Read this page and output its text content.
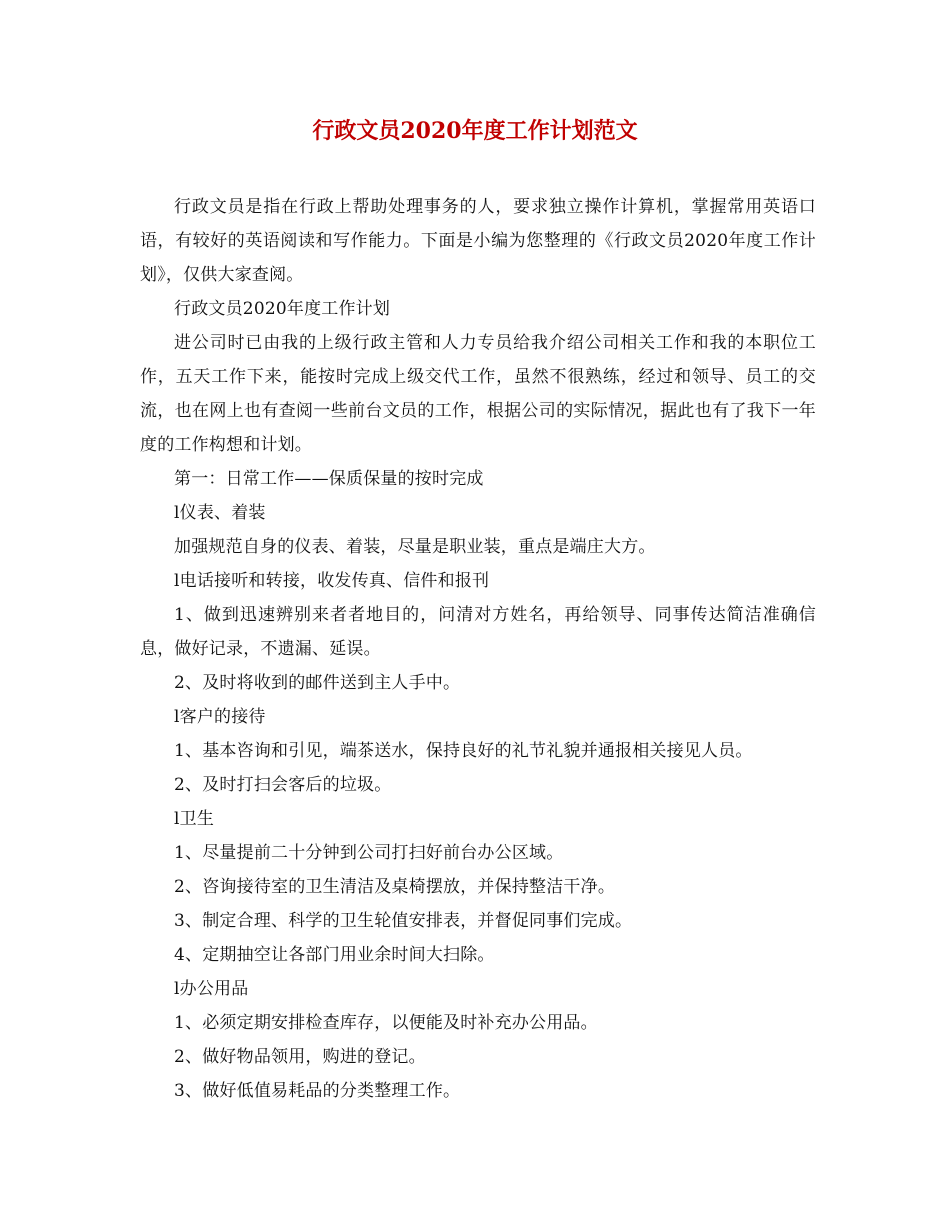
行政文员2020年度工作计划范文

行政文员是指在行政上帮助处理事务的人，要求独立操作计算机，掌握常用英语口语，有较好的英语阅读和写作能力。下面是小编为您整理的《行政文员2020年度工作计划》，仅供大家查阅。

行政文员2020年度工作计划

进公司时已由我的上级行政主管和人力专员给我介绍公司相关工作和我的本职位工作，五天工作下来，能按时完成上级交代工作，虽然不很熟练，经过和领导、员工的交流，也在网上也有查阅一些前台文员的工作，根据公司的实际情况，据此也有了我下一年度的工作构想和计划。

第一：日常工作——保质保量的按时完成

l仪表、着装

加强规范自身的仪表、着装，尽量是职业装，重点是端庄大方。

l电话接听和转接，收发传真、信件和报刊

1、做到迅速辨别来者者地目的，问清对方姓名，再给领导、同事传达简洁准确信息，做好记录，不遗漏、延误。

2、及时将收到的邮件送到主人手中。

l客户的接待

1、基本咨询和引见，端茶送水，保持良好的礼节礼貌并通报相关接见人员。

2、及时打扫会客后的垃圾。

l卫生

1、尽量提前二十分钟到公司打扫好前台办公区域。

2、咨询接待室的卫生清洁及桌椅摆放，并保持整洁干净。

3、制定合理、科学的卫生轮值安排表，并督促同事们完成。

4、定期抽空让各部门用业余时间大扫除。

l办公用品

1、必须定期安排检查库存，以便能及时补充办公用品。

2、做好物品领用，购进的登记。

3、做好低值易耗品的分类整理工作。
